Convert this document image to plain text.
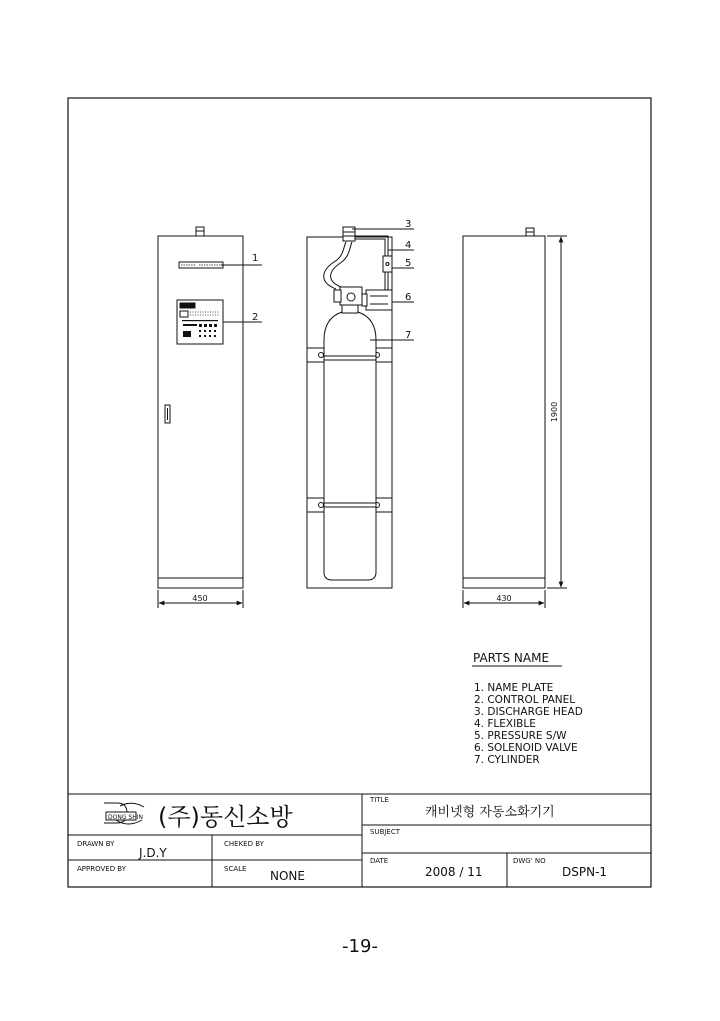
1
2
450
3
4
5
6
7
430
1900
PARTS NAME
1. NAME PLATE
2. CONTROL PANEL
3. DISCHARGE HEAD
4. FLEXIBLE
5. PRESSURE S/W
6. SOLENOID VALVE
7. CYLINDER
DONG SHIN (주)동신소방
TITLE
캐비넷형 자동소화기기
SUBJECT
DRAWN BY
J.D.Y
CHEKED BY
APPROVED BY	SCALE NONE
DATE
2008 / 11
DWG' NO
DSPN-1
-19-
